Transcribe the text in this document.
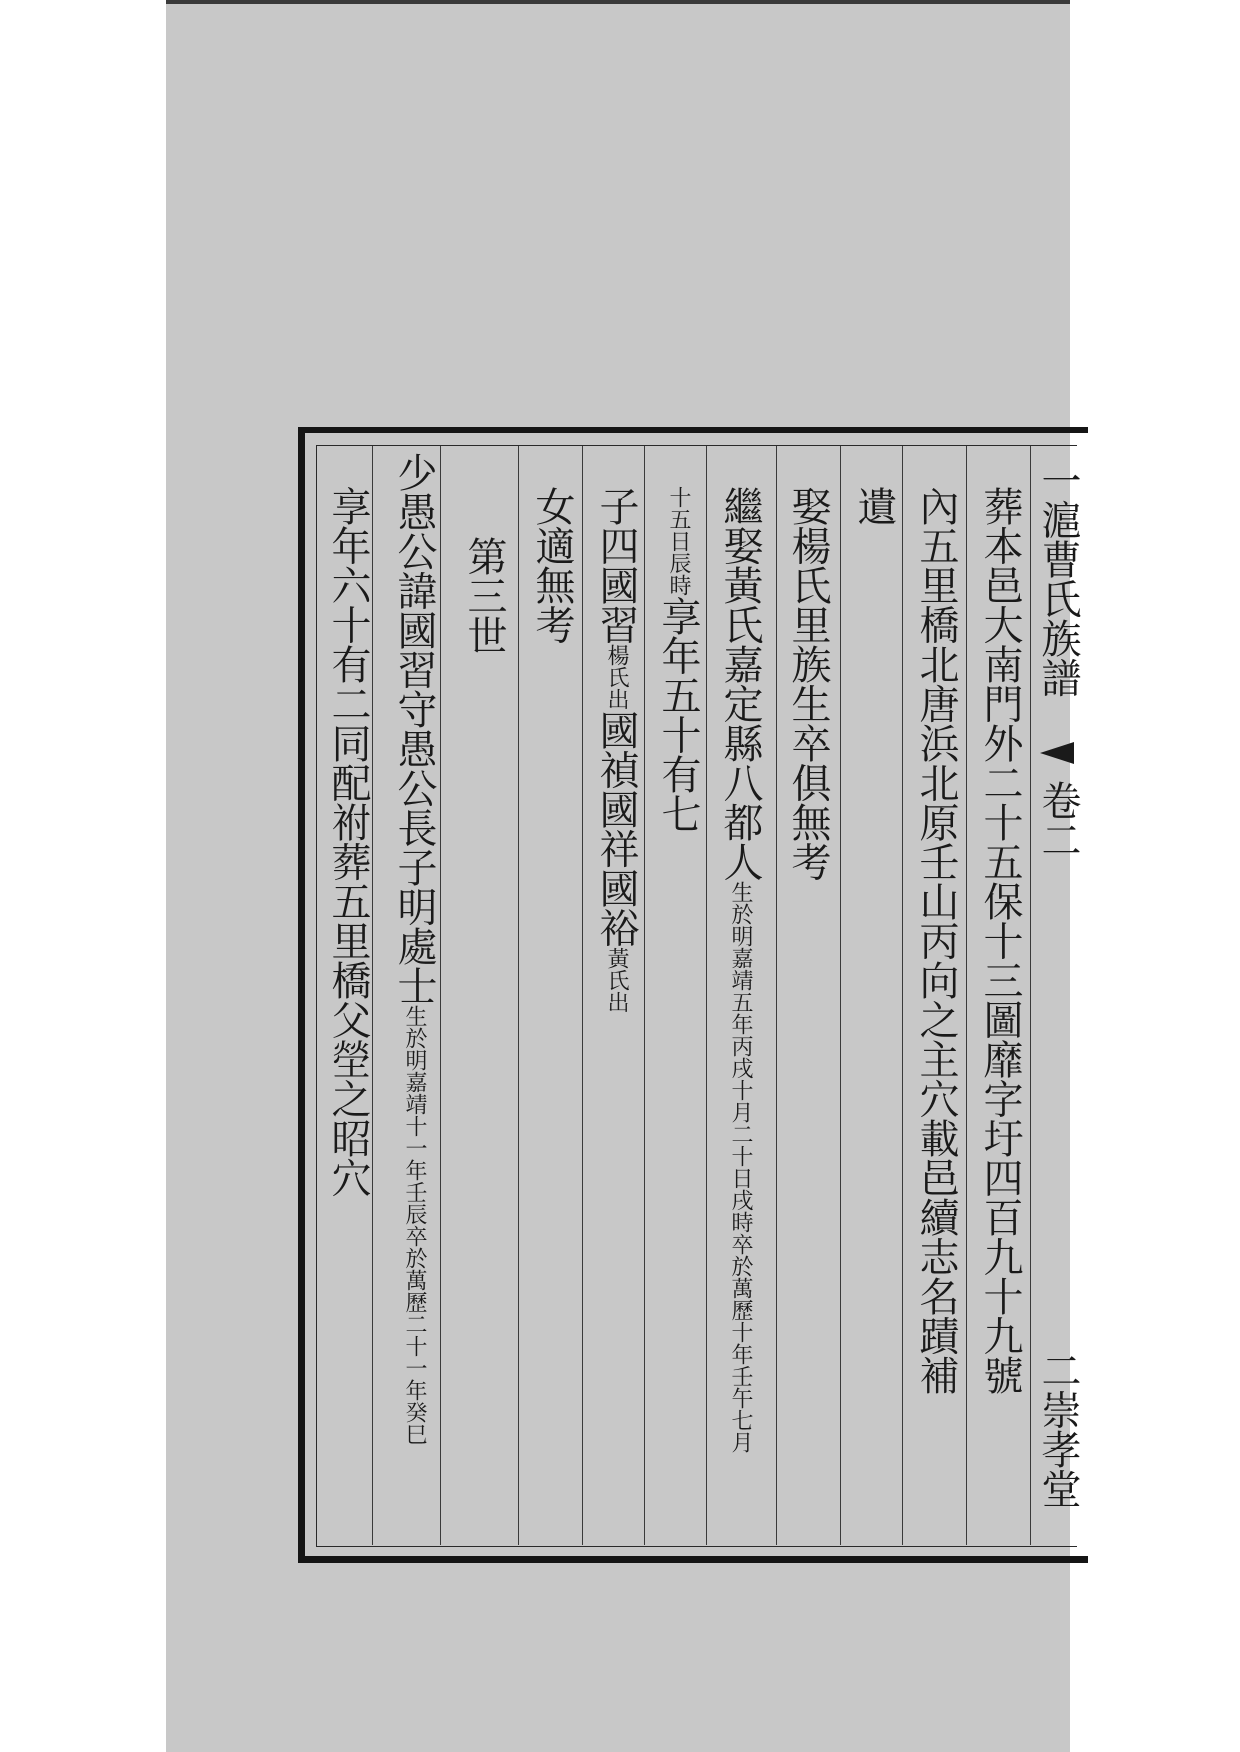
一滬曹氏族譜
卷二
二崇孝堂
葬本邑大南門外二十五保十三圖靡字圩四百九十九號
內五里橋北唐浜北原壬山丙向之主穴載邑續志名蹟補
遺
娶楊氏里族生卒俱無考
繼娶黃氏嘉定縣八都人生於明嘉靖五年丙戌十月二十日戌時卒於萬歷十年壬午七月
十五日辰時享年五十有七
子四國習楊氏出國禎國祥國裕黃氏出
女適無考
第三世
少愚公諱國習守愚公長子明處士生於明嘉靖十一年壬辰卒於萬歷二十一年癸巳
享年六十有二同配祔葬五里橋父塋之昭穴
